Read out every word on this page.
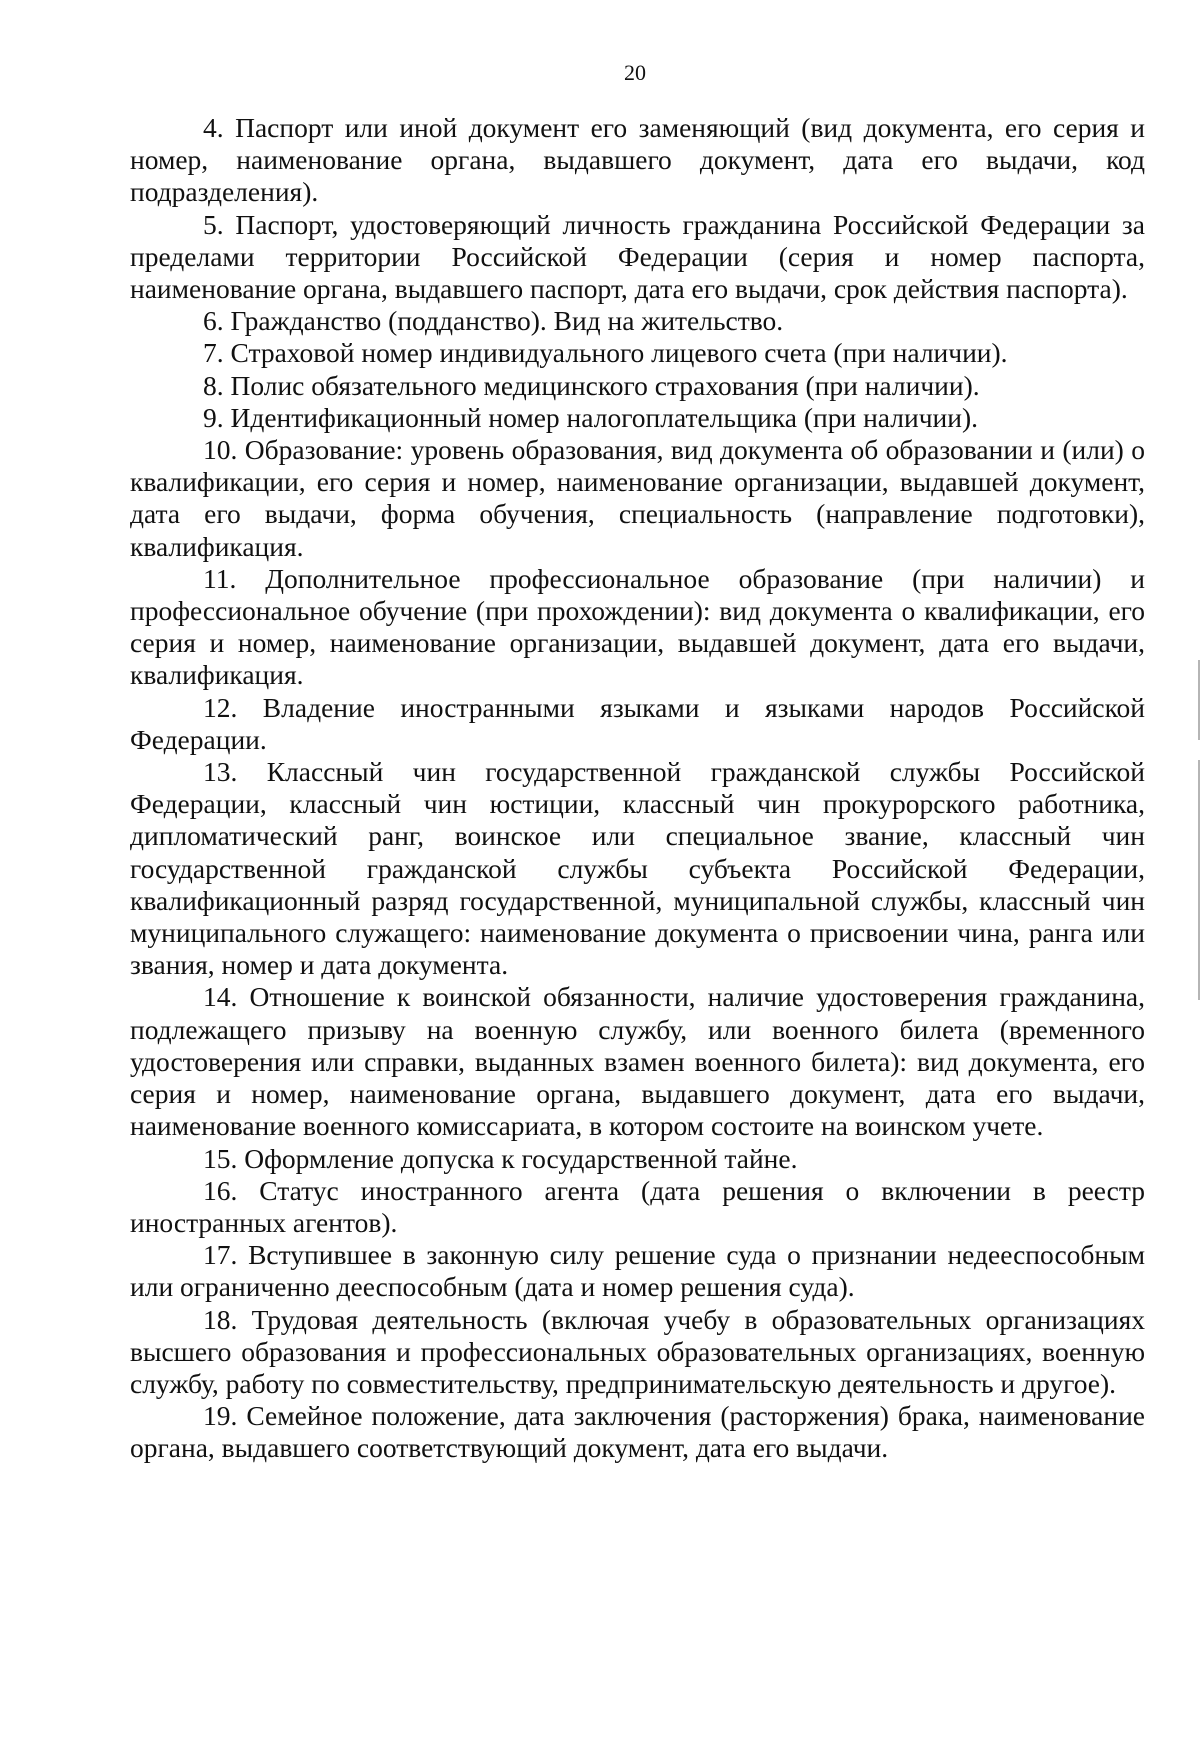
20

4. Паспорт или иной документ его заменяющий (вид документа, его серия и номер, наименование органа, выдавшего документ, дата его выдачи, код подразделения).

5. Паспорт, удостоверяющий личность гражданина Российской Федерации за пределами территории Российской Федерации (серия и номер паспорта, наименование органа, выдавшего паспорт, дата его выдачи, срок действия паспорта).

6. Гражданство (подданство). Вид на жительство.

7. Страховой номер индивидуального лицевого счета (при наличии).

8. Полис обязательного медицинского страхования (при наличии).

9. Идентификационный номер налогоплательщика (при наличии).

10. Образование: уровень образования, вид документа об образовании и (или) о квалификации, его серия и номер, наименование организации, выдавшей документ, дата его выдачи, форма обучения, специальность (направление подготовки), квалификация.

11. Дополнительное профессиональное образование (при наличии) и профессиональное обучение (при прохождении): вид документа о квалификации, его серия и номер, наименование организации, выдавшей документ, дата его выдачи, квалификация.

12. Владение иностранными языками и языками народов Российской Федерации.

13. Классный чин государственной гражданской службы Российской Федерации, классный чин юстиции, классный чин прокурорского работника, дипломатический ранг, воинское или специальное звание, классный чин государственной гражданской службы субъекта Российской Федерации, квалификационный разряд государственной, муниципальной службы, классный чин муниципального служащего: наименование документа о присвоении чина, ранга или звания, номер и дата документа.

14. Отношение к воинской обязанности, наличие удостоверения гражданина, подлежащего призыву на военную службу, или военного билета (временного удостоверения или справки, выданных взамен военного билета): вид документа, его серия и номер, наименование органа, выдавшего документ, дата его выдачи, наименование военного комиссариата, в котором состоите на воинском учете.

15. Оформление допуска к государственной тайне.

16. Статус иностранного агента (дата решения о включении в реестр иностранных агентов).

17. Вступившее в законную силу решение суда о признании недееспособным или ограниченно дееспособным (дата и номер решения суда).

18. Трудовая деятельность (включая учебу в образовательных организациях высшего образования и профессиональных образовательных организациях, военную службу, работу по совместительству, предпринимательскую деятельность и другое).

19. Семейное положение, дата заключения (расторжения) брака, наименование органа, выдавшего соответствующий документ, дата его выдачи.
